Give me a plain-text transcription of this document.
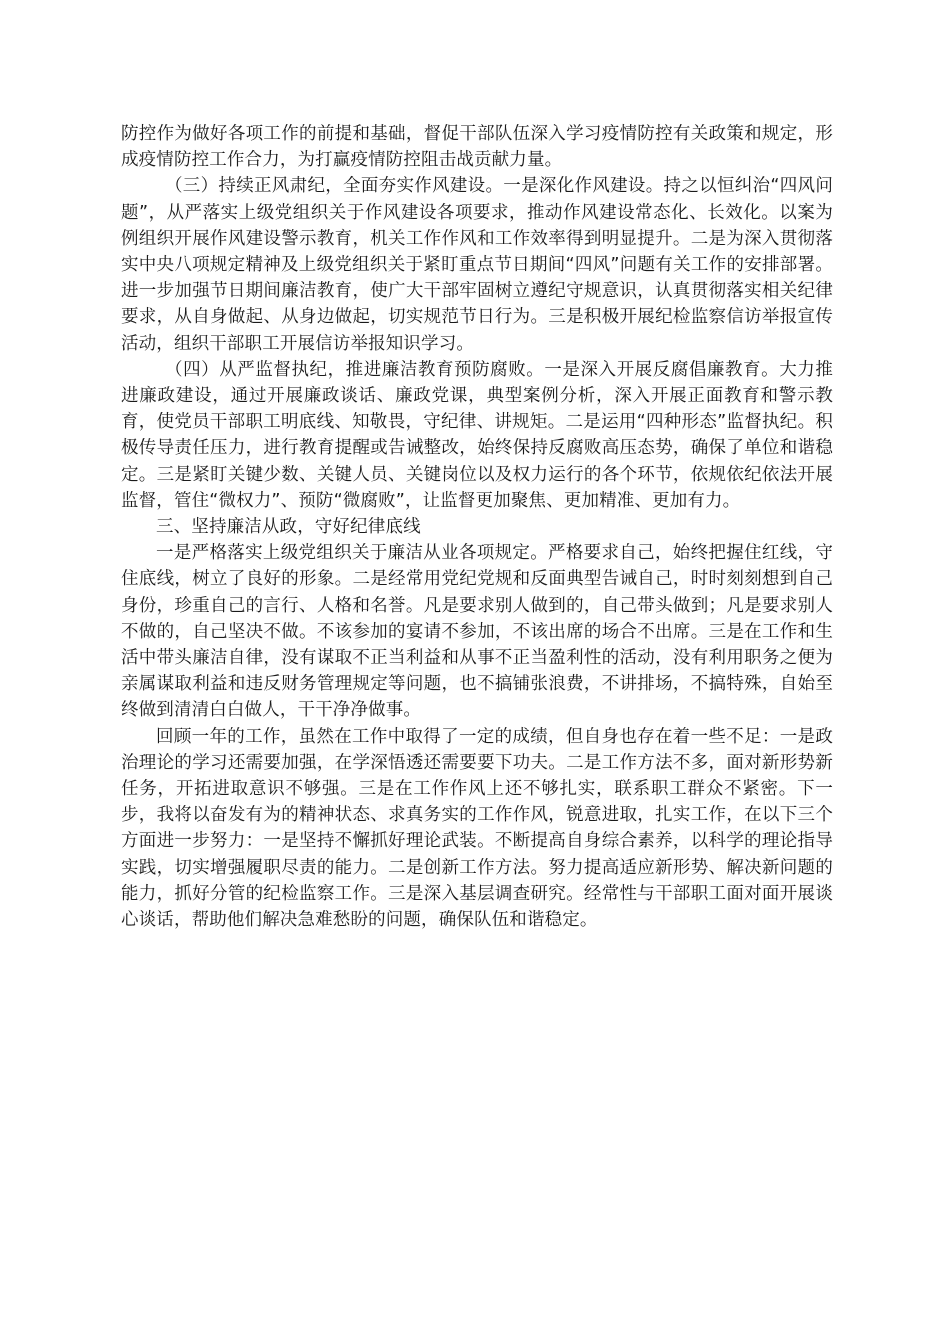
防控作为做好各项工作的前提和基础，督促干部队伍深入学习疫情防控有关政策和规定，形成疫情防控工作合力，为打赢疫情防控阻击战贡献力量。

（三）持续正风肃纪，全面夯实作风建设。一是深化作风建设。持之以恒纠治“四风问题”，从严落实上级党组织关于作风建设各项要求，推动作风建设常态化、长效化。以案为例组织开展作风建设警示教育，机关工作作风和工作效率得到明显提升。二是为深入贯彻落实中央八项规定精神及上级党组织关于紧盯重点节日期间“四风”问题有关工作的安排部署。进一步加强节日期间廉洁教育，使广大干部牢固树立遵纪守规意识，认真贯彻落实相关纪律要求，从自身做起、从身边做起，切实规范节日行为。三是积极开展纪检监察信访举报宣传活动，组织干部职工开展信访举报知识学习。

（四）从严监督执纪，推进廉洁教育预防腐败。一是深入开展反腐倡廉教育。大力推进廉政建设，通过开展廉政谈话、廉政党课，典型案例分析，深入开展正面教育和警示教育，使党员干部职工明底线、知敬畏，守纪律、讲规矩。二是运用“四种形态”监督执纪。积极传导责任压力，进行教育提醒或告诫整改，始终保持反腐败高压态势，确保了单位和谐稳定。三是紧盯关键少数、关键人员、关键岗位以及权力运行的各个环节，依规依纪依法开展监督，管住“微权力”、预防“微腐败”，让监督更加聚焦、更加精准、更加有力。

三、坚持廉洁从政，守好纪律底线

一是严格落实上级党组织关于廉洁从业各项规定。严格要求自己，始终把握住红线，守住底线，树立了良好的形象。二是经常用党纪党规和反面典型告诫自己，时时刻刻想到自己身份，珍重自己的言行、人格和名誉。凡是要求别人做到的，自己带头做到；凡是要求别人不做的，自己坚决不做。不该参加的宴请不参加，不该出席的场合不出席。三是在工作和生活中带头廉洁自律，没有谋取不正当利益和从事不正当盈利性的活动，没有利用职务之便为亲属谋取利益和违反财务管理规定等问题，也不搞铺张浪费，不讲排场，不搞特殊，自始至终做到清清白白做人，干干净净做事。

回顾一年的工作，虽然在工作中取得了一定的成绩，但自身也存在着一些不足：一是政治理论的学习还需要加强，在学深悟透还需要要下功夫。二是工作方法不多，面对新形势新任务，开拓进取意识不够强。三是在工作作风上还不够扎实，联系职工群众不紧密。下一步，我将以奋发有为的精神状态、求真务实的工作作风，锐意进取，扎实工作，在以下三个方面进一步努力：一是坚持不懈抓好理论武装。不断提高自身综合素养，以科学的理论指导实践，切实增强履职尽责的能力。二是创新工作方法。努力提高适应新形势、解决新问题的能力，抓好分管的纪检监察工作。三是深入基层调查研究。经常性与干部职工面对面开展谈心谈话，帮助他们解决急难愁盼的问题，确保队伍和谐稳定。
